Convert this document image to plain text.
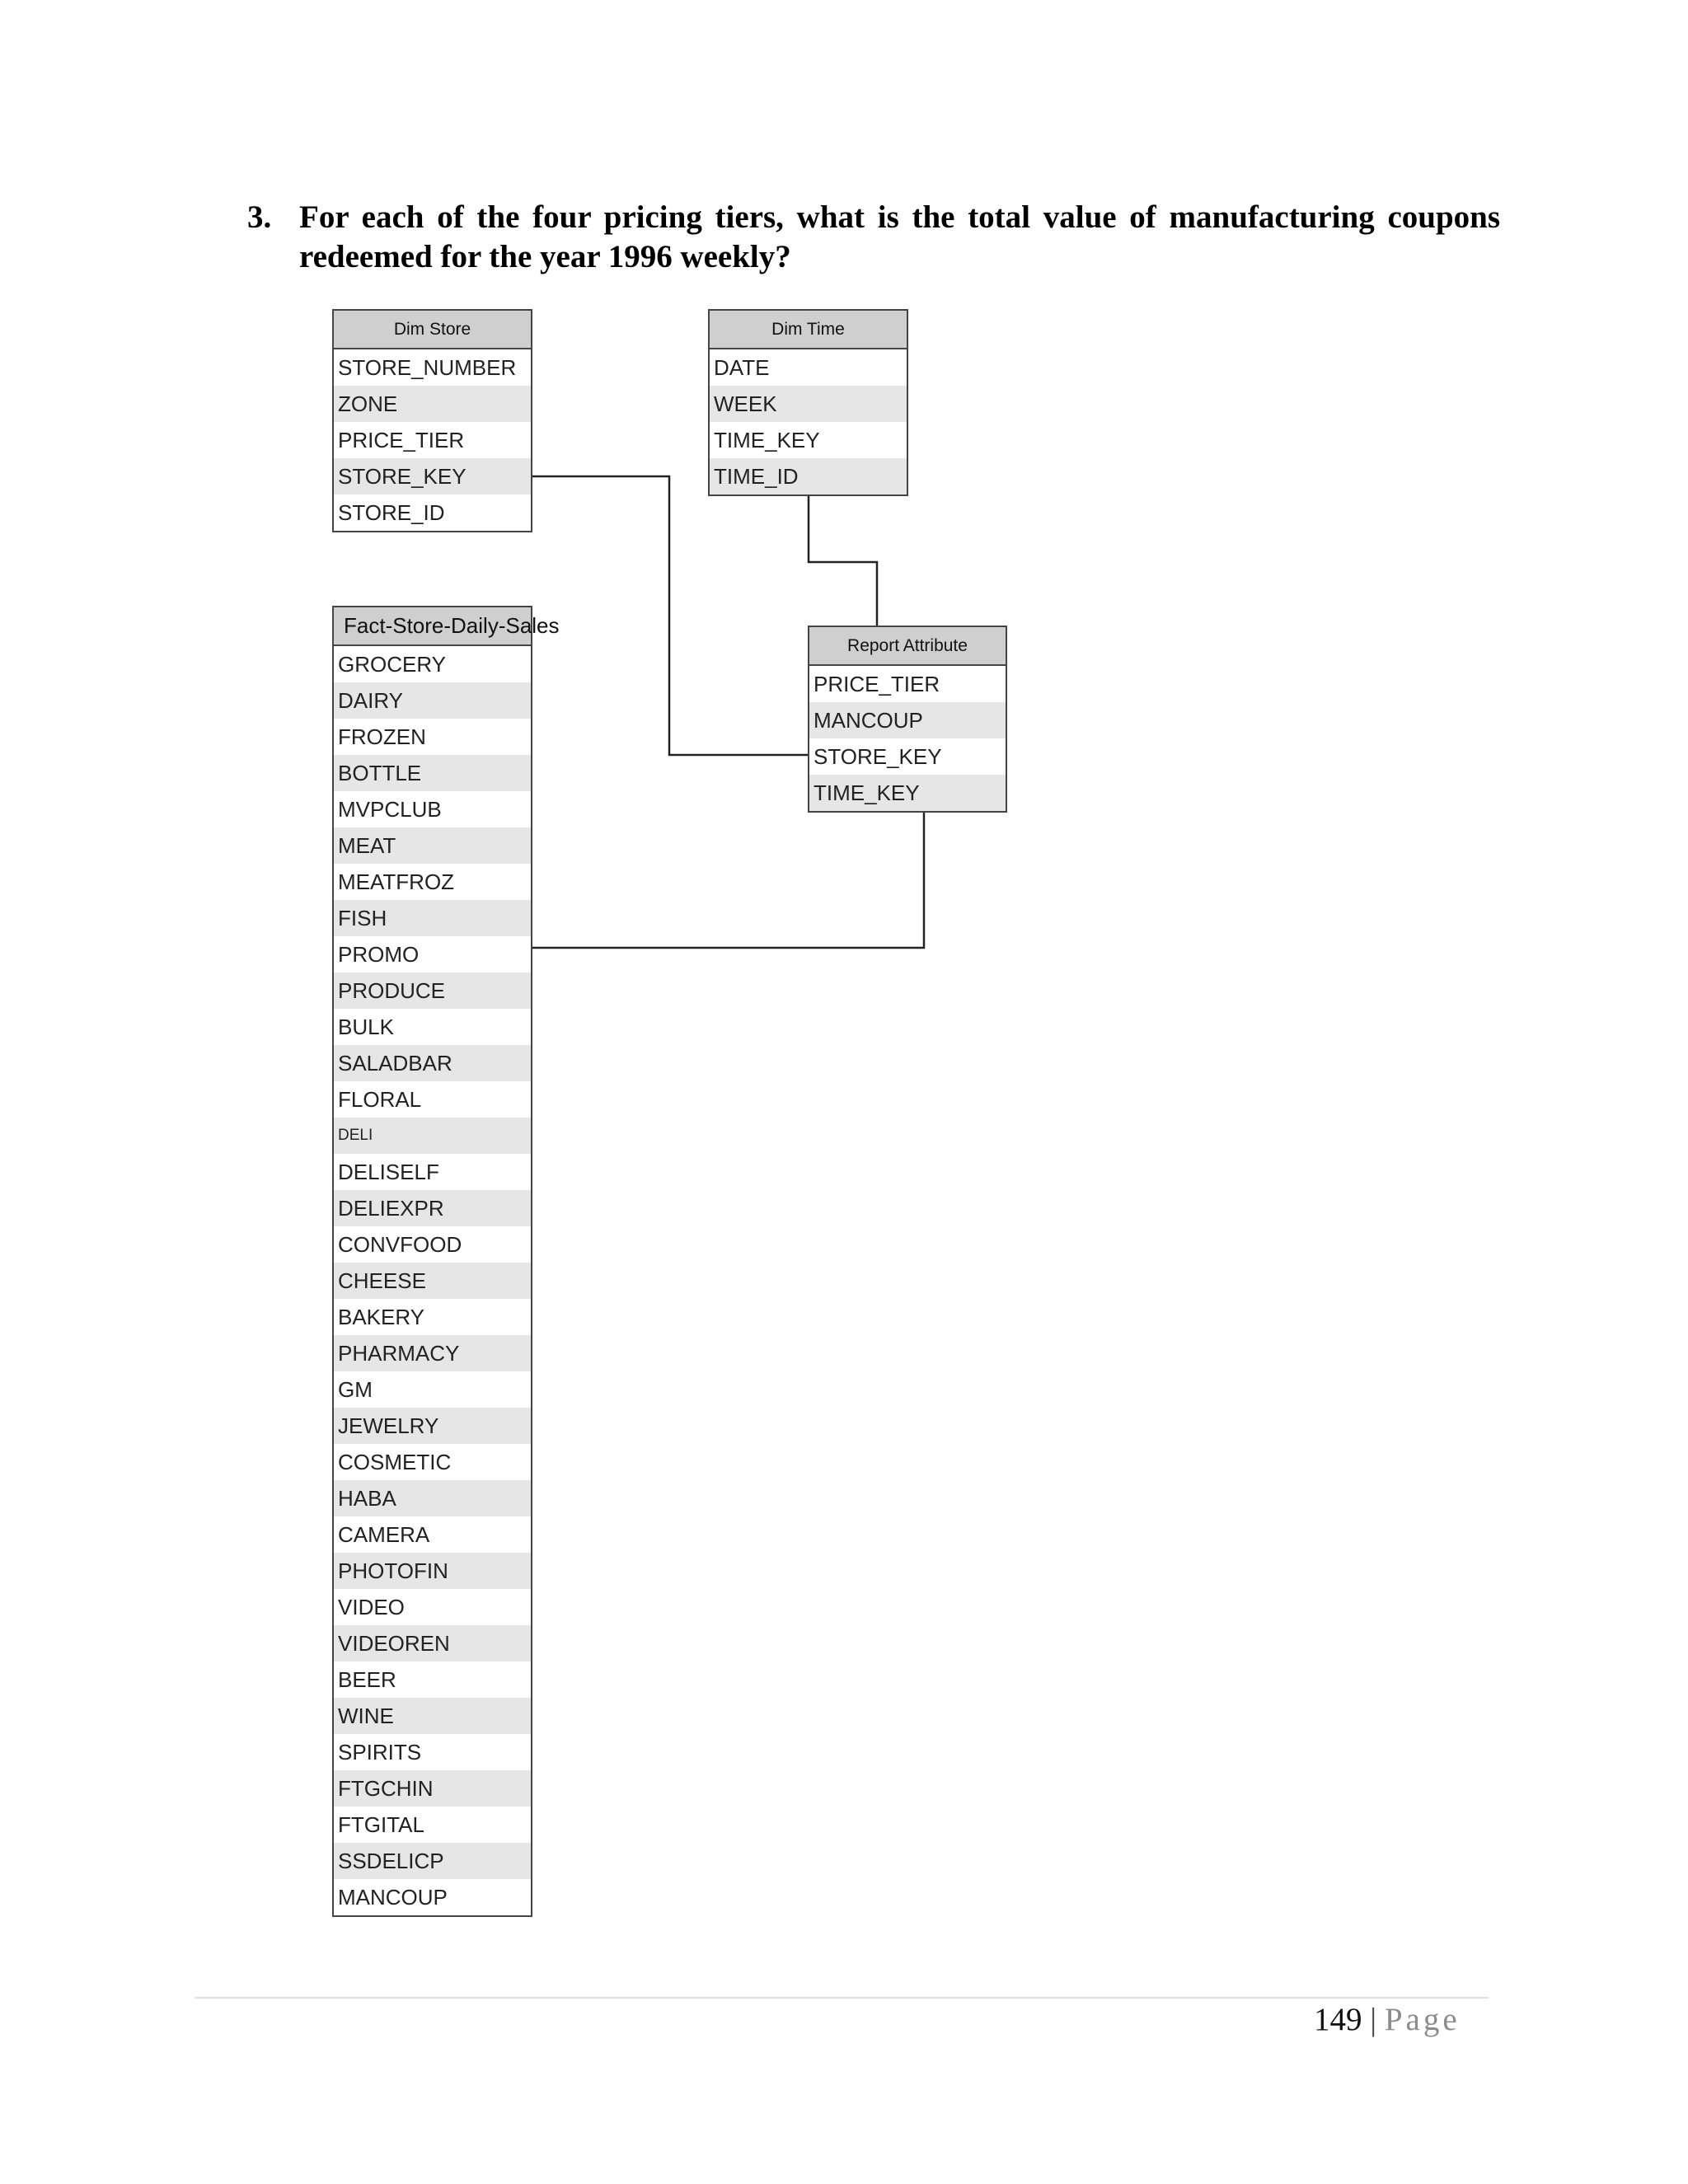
3. For each of the four pricing tiers, what is the total value of manufacturing coupons redeemed for the year 1996 weekly?
Dim Store
STORE_NUMBER
ZONE
PRICE_TIER
STORE_KEY
STORE_ID
Dim Time
DATE
WEEK
TIME_KEY
TIME_ID
Report Attribute
PRICE_TIER
MANCOUP
STORE_KEY
TIME_KEY
Fact-Store-Daily-Sales
GROCERY
DAIRY
FROZEN
BOTTLE
MVPCLUB
MEAT
MEATFROZ
FISH
PROMO
PRODUCE
BULK
SALADBAR
FLORAL
DELI
DELISELF
DELIEXPR
CONVFOOD
CHEESE
BAKERY
PHARMACY
GM
JEWELRY
COSMETIC
HABA
CAMERA
PHOTOFIN
VIDEO
VIDEOREN
BEER
WINE
SPIRITS
FTGCHIN
FTGITAL
SSDELICP
MANCOUP
149 | Page
